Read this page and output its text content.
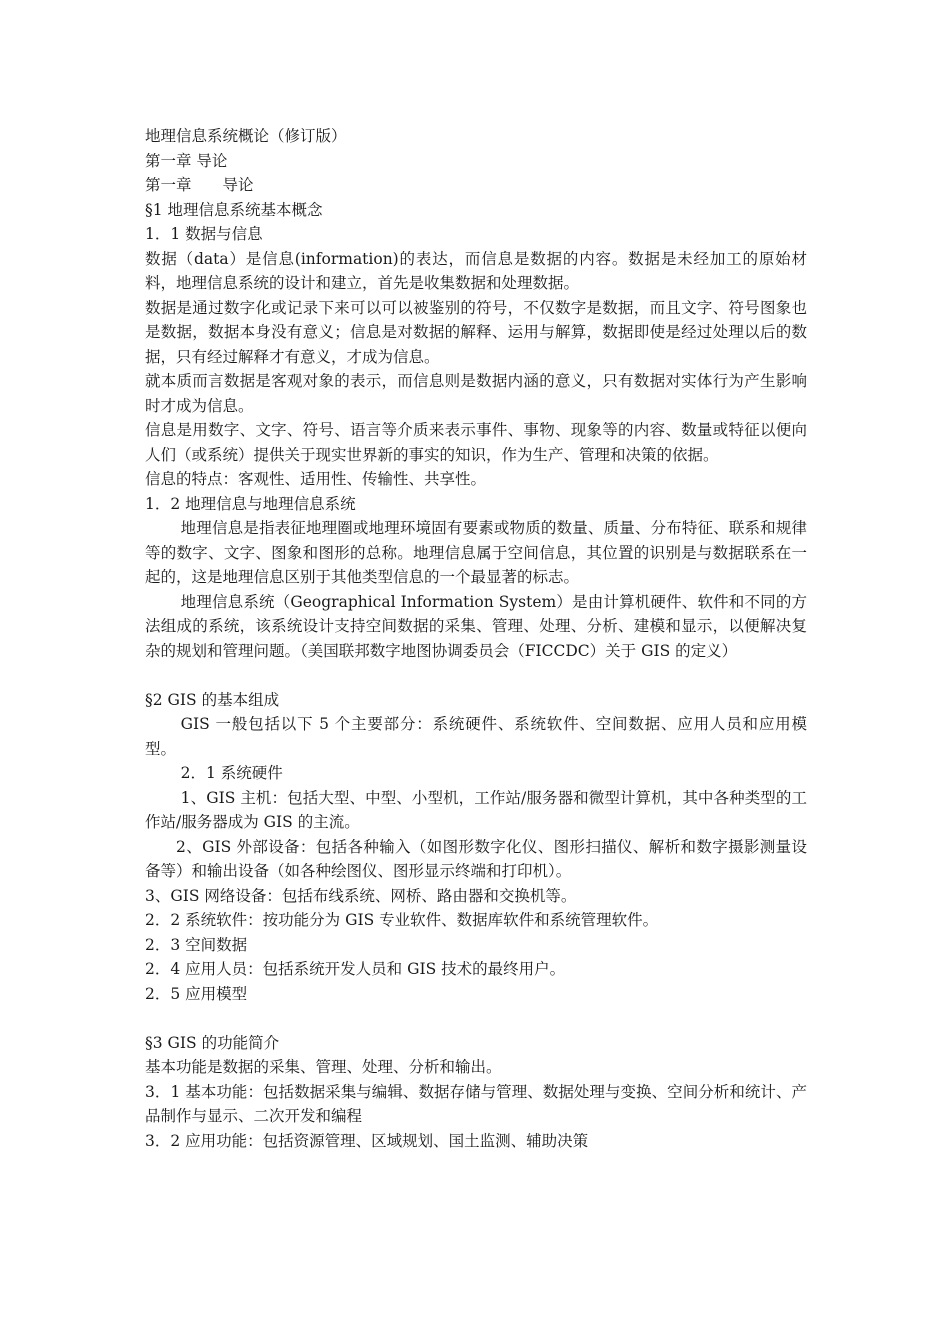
地理信息系统概论（修订版）

第一章 导论

第一章　　导论

§1 地理信息系统基本概念

1．1 数据与信息

数据（data）是信息(information)的表达，而信息是数据的内容。数据是未经加工的原始材料，地理信息系统的设计和建立，首先是收集数据和处理数据。

数据是通过数字化或记录下来可以可以被鉴别的符号，不仅数字是数据，而且文字、符号图象也是数据，数据本身没有意义；信息是对数据的解释、运用与解算，数据即使是经过处理以后的数据，只有经过解释才有意义，才成为信息。

就本质而言数据是客观对象的表示，而信息则是数据内涵的意义，只有数据对实体行为产生影响时才成为信息。

信息是用数字、文字、符号、语言等介质来表示事件、事物、现象等的内容、数量或特征以便向人们（或系统）提供关于现实世界新的事实的知识，作为生产、管理和决策的依据。

信息的特点：客观性、适用性、传输性、共享性。

1．2 地理信息与地理信息系统

地理信息是指表征地理圈或地理环境固有要素或物质的数量、质量、分布特征、联系和规律等的数字、文字、图象和图形的总称。地理信息属于空间信息，其位置的识别是与数据联系在一起的，这是地理信息区别于其他类型信息的一个最显著的标志。

地理信息系统（Geographical Information System）是由计算机硬件、软件和不同的方法组成的系统，该系统设计支持空间数据的采集、管理、处理、分析、建模和显示，以便解决复杂的规划和管理问题。（美国联邦数字地图协调委员会（FICCDC）关于 GIS 的定义）

§2 GIS 的基本组成

GIS 一般包括以下 5 个主要部分：系统硬件、系统软件、空间数据、应用人员和应用模型。

2．1 系统硬件

1、GIS 主机：包括大型、中型、小型机，工作站/服务器和微型计算机，其中各种类型的工作站/服务器成为 GIS 的主流。

2、GIS 外部设备：包括各种输入（如图形数字化仪、图形扫描仪、解析和数字摄影测量设备等）和输出设备（如各种绘图仪、图形显示终端和打印机）。

3、GIS 网络设备：包括布线系统、网桥、路由器和交换机等。

2．2 系统软件：按功能分为 GIS 专业软件、数据库软件和系统管理软件。

2．3 空间数据

2．4 应用人员：包括系统开发人员和 GIS 技术的最终用户。

2．5 应用模型

§3 GIS 的功能简介

基本功能是数据的采集、管理、处理、分析和输出。

3．1 基本功能：包括数据采集与编辑、数据存储与管理、数据处理与变换、空间分析和统计、产品制作与显示、二次开发和编程

3．2 应用功能：包括资源管理、区域规划、国土监测、辅助决策
